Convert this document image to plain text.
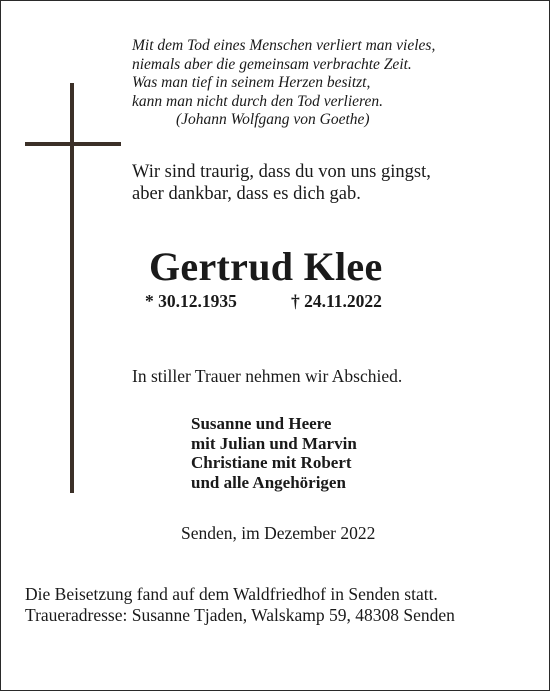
Mit dem Tod eines Menschen verliert man vieles,
niemals aber die gemeinsam verbrachte Zeit.
Was man tief in seinem Herzen besitzt,
kann man nicht durch den Tod verlieren.
(Johann Wolfgang von Goethe)
Wir sind traurig, dass du von uns gingst,
aber dankbar, dass es dich gab.
Gertrud Klee
* 30.12.1935	† 24.11.2022
In stiller Trauer nehmen wir Abschied.
Susanne und Heere
mit Julian und Marvin
Christiane mit Robert
und alle Angehörigen
Senden, im Dezember 2022
Die Beisetzung fand auf dem Waldfriedhof in Senden statt.
Traueradresse: Susanne Tjaden, Walskamp 59, 48308 Senden
